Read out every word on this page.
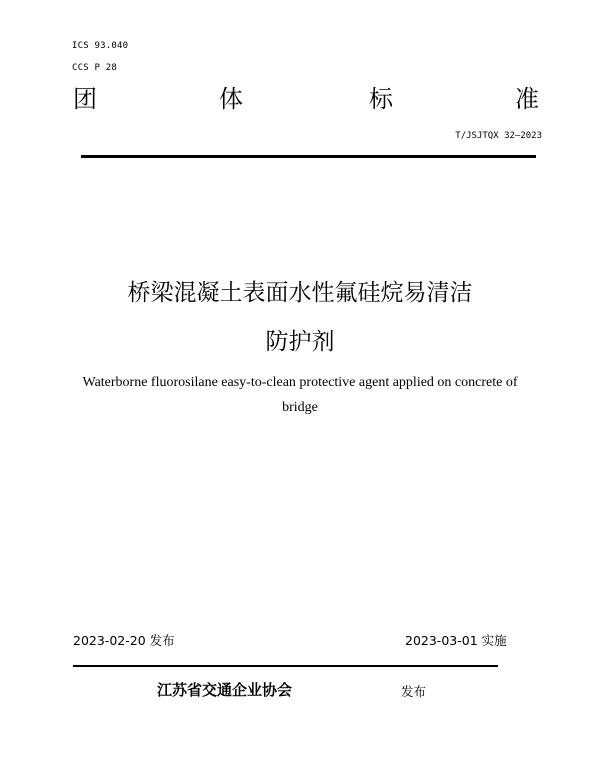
ICS 93.040
CCS P 28
团	体	标	准
T/JSJTQX 32—2023
桥梁混凝土表面水性氟硅烷易清洁
防护剂
Waterborne fluorosilane easy-to-clean protective agent applied on concrete of
bridge
2023-02-20 发布	2023-03-01 实施
江苏省交通企业协会	发布
